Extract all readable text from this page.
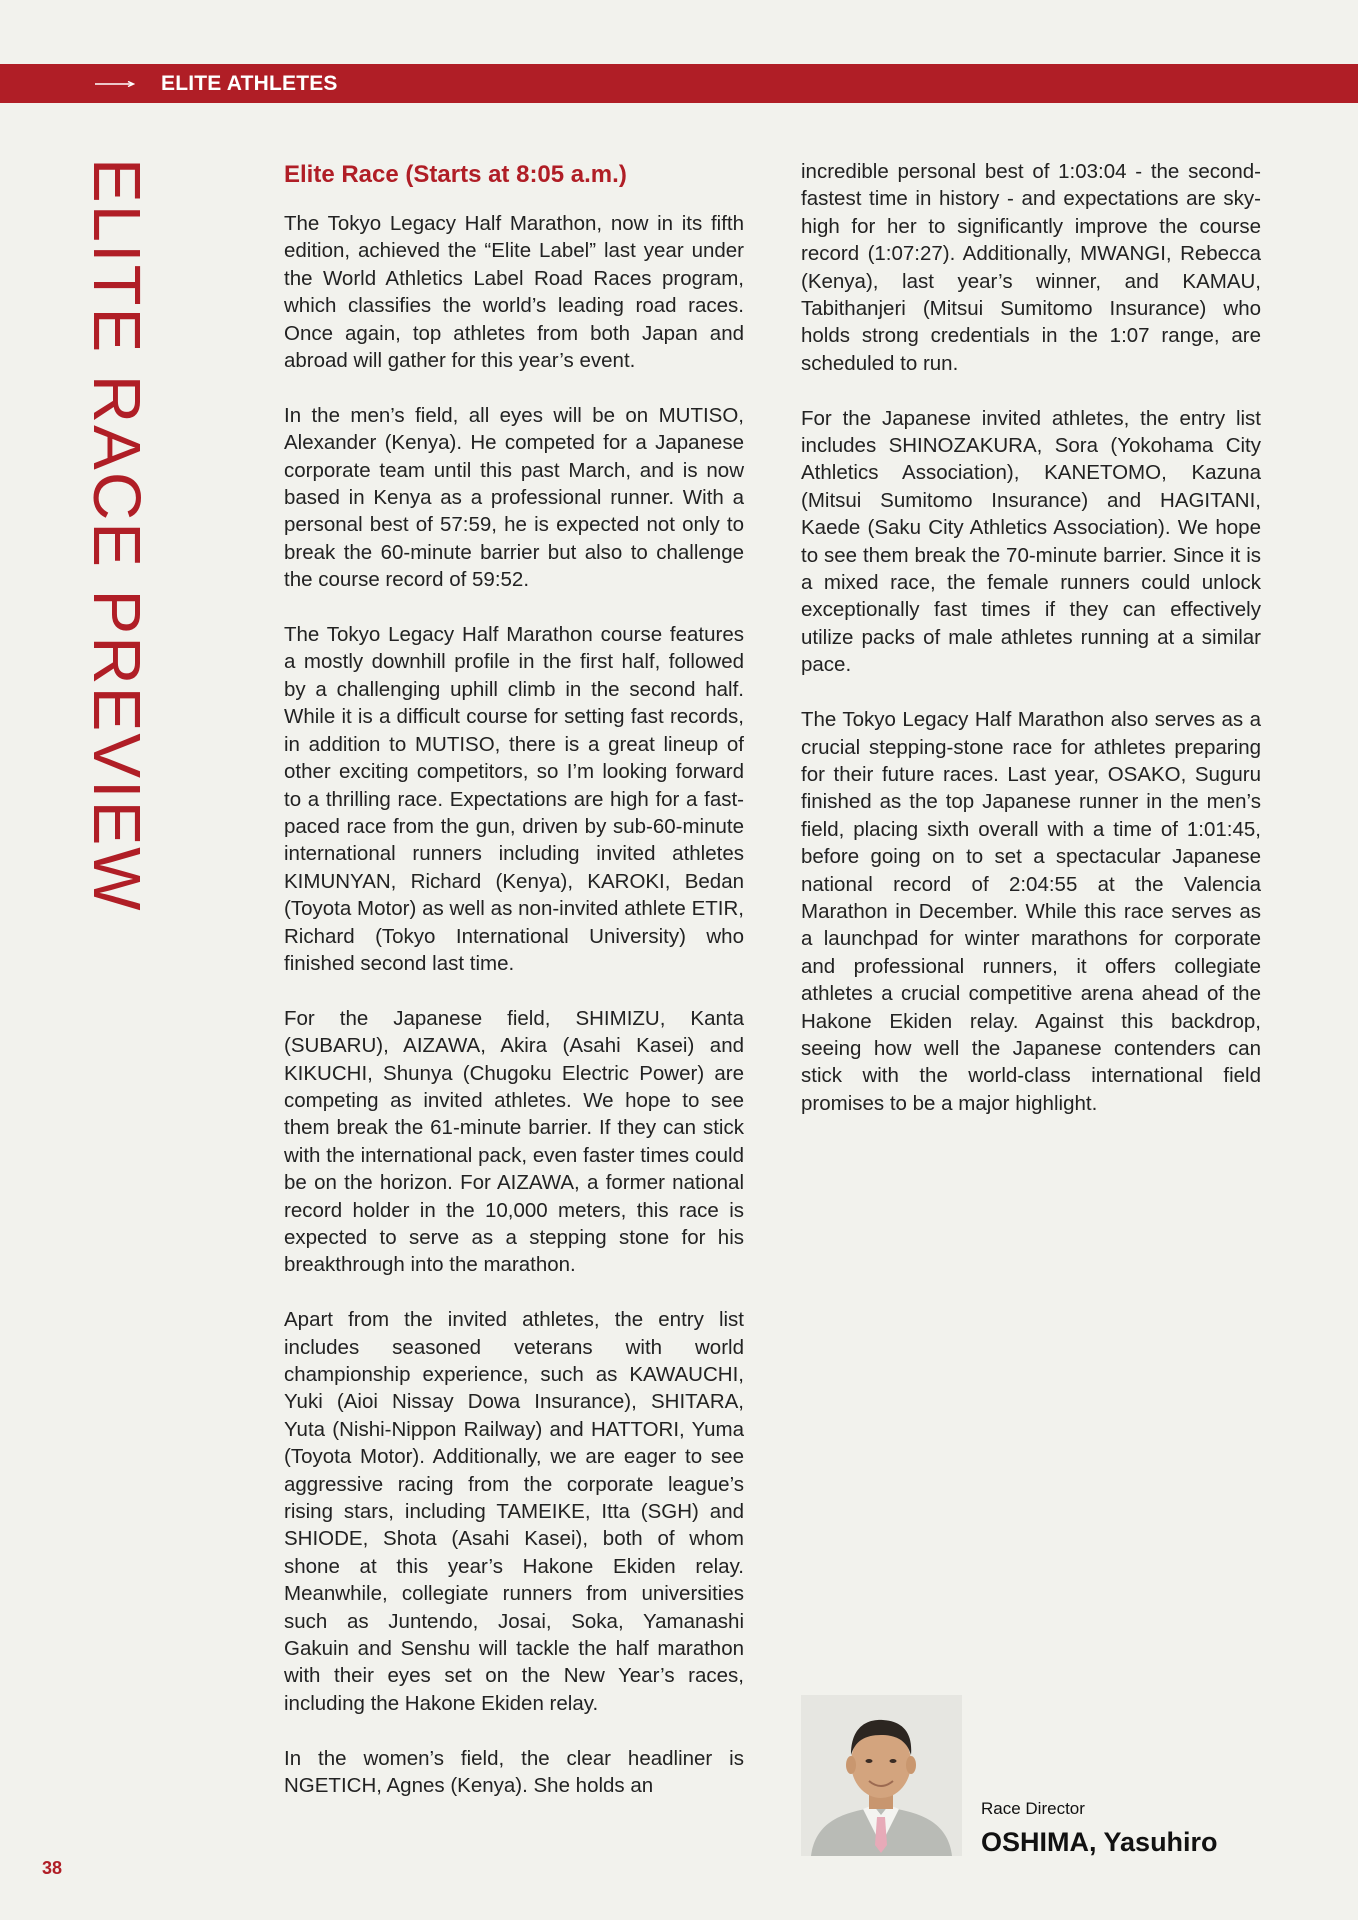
ELITE ATHLETES
ELITE RACE PREVIEW	Elite Race (Starts at 8:05 a.m.)

The Tokyo Legacy Half Marathon, now in its fifth edition, achieved the “Elite Label” last year under the World Athletics Label Road Races program, which classifies the world’s leading road races. Once again, top athletes from both Japan and abroad will gather for this year’s event.

In the men’s field, all eyes will be on MUTISO, Alexander (Kenya). He competed for a Japanese corporate team until this past March, and is now based in Kenya as a professional runner. With a personal best of 57:59, he is expected not only to break the 60-minute barrier but also to challenge the course record of 59:52.

The Tokyo Legacy Half Marathon course features a mostly downhill profile in the first half, followed by a challenging uphill climb in the second half. While it is a difficult course for setting fast records, in addition to MUTISO, there is a great lineup of other exciting competitors, so I’m looking forward to a thrilling race. Expectations are high for a fast-paced race from the gun, driven by sub-60-minute international runners including invited athletes KIMUNYAN, Richard (Kenya), KAROKI, Bedan (Toyota Motor) as well as non-invited athlete ETIR, Richard (Tokyo International University) who finished second last time.

For the Japanese field, SHIMIZU, Kanta (SUBARU), AIZAWA, Akira (Asahi Kasei) and KIKUCHI, Shunya (Chugoku Electric Power) are competing as invited athletes. We hope to see them break the 61-minute barrier. If they can stick with the international pack, even faster times could be on the horizon. For AIZAWA, a former national record holder in the 10,000 meters, this race is expected to serve as a stepping stone for his breakthrough into the marathon.

Apart from the invited athletes, the entry list includes seasoned veterans with world championship experience, such as KAWAUCHI, Yuki (Aioi Nissay Dowa Insurance), SHITARA, Yuta (Nishi-Nippon Railway) and HATTORI, Yuma (Toyota Motor). Additionally, we are eager to see aggressive racing from the corporate league’s rising stars, including TAMEIKE, Itta (SGH) and SHIODE, Shota (Asahi Kasei), both of whom shone at this year’s Hakone Ekiden relay. Meanwhile, collegiate runners from universities such as Juntendo, Josai, Soka, Yamanashi Gakuin and Senshu will tackle the half marathon with their eyes set on the New Year’s races, including the Hakone Ekiden relay.

In the women’s field, the clear headliner is NGETICH, Agnes (Kenya). She holds an

incredible personal best of 1:03:04 - the second-fastest time in history - and expectations are sky-high for her to significantly improve the course record (1:07:27). Additionally, MWANGI, Rebecca (Kenya), last year’s winner, and KAMAU, Tabithanjeri (Mitsui Sumitomo Insurance) who holds strong credentials in the 1:07 range, are scheduled to run.

For the Japanese invited athletes, the entry list includes SHINOZAKURA, Sora (Yokohama City Athletics Association), KANETOMO, Kazuna (Mitsui Sumitomo Insurance) and HAGITANI, Kaede (Saku City Athletics Association). We hope to see them break the 70-minute barrier. Since it is a mixed race, the female runners could unlock exceptionally fast times if they can effectively utilize packs of male athletes running at a similar pace.

The Tokyo Legacy Half Marathon also serves as a crucial stepping-stone race for athletes preparing for their future races. Last year, OSAKO, Suguru finished as the top Japanese runner in the men’s field, placing sixth overall with a time of 1:01:45, before going on to set a spectacular Japanese national record of 2:04:55 at the Valencia Marathon in December. While this race serves as a launchpad for winter marathons for corporate and professional runners, it offers collegiate athletes a crucial competitive arena ahead of the Hakone Ekiden relay. Against this backdrop, seeing how well the Japanese contenders can stick with the world-class international field promises to be a major highlight.

Race Director
OSHIMA, Yasuhiro
38
